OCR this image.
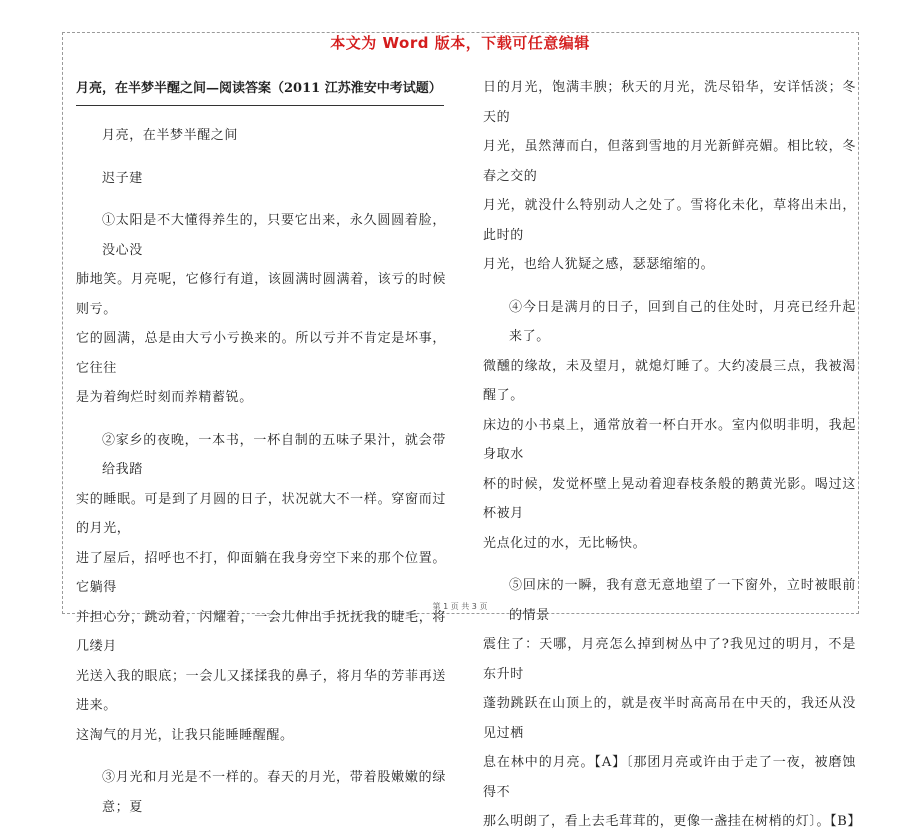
本文为 Word 版本，下载可任意编辑

月亮，在半梦半醒之间—阅读答案（2011 江苏淮安中考试题）

月亮，在半梦半醒之间

迟子建

①太阳是不大懂得养生的，只要它出来，永久圆圆着脸，没心没

肺地笑。月亮呢，它修行有道，该圆满时圆满着，该亏的时候则亏。

它的圆满，总是由大亏小亏换来的。所以亏并不肯定是坏事，它往往

是为着绚烂时刻而养精蓄锐。

②家乡的夜晚，一本书，一杯自制的五味子果汁，就会带给我踏

实的睡眠。可是到了月圆的日子，状况就大不一样。穿窗而过的月光，

进了屋后，招呼也不打，仰面躺在我身旁空下来的那个位置。它躺得

并担心分，跳动着，闪耀着，一会儿伸出手抚抚我的睫毛，将几缕月

光送入我的眼底；一会儿又揉揉我的鼻子，将月华的芳菲再送进来。

这淘气的月光，让我只能睡睡醒醒。

③月光和月光是不一样的。春天的月光，带着股嫩嫩的绿意；夏

日的月光，饱满丰腴；秋天的月光，洗尽铅华，安详恬淡；冬天的

月光，虽然薄而白，但落到雪地的月光新鲜亮媚。相比较，冬春之交的

月光，就没什么特别动人之处了。雪将化未化，草将出未出，此时的

月光，也给人犹疑之感，瑟瑟缩缩的。

④今日是满月的日子，回到自己的住处时，月亮已经升起来了。

微醺的缘故，未及望月，就熄灯睡了。大约凌晨三点，我被渴醒了。

床边的小书桌上，通常放着一杯白开水。室内似明非明，我起身取水

杯的时候，发觉杯壁上晃动着迎春枝条般的鹅黄光影。喝过这杯被月

光点化过的水，无比畅快。

⑤回床的一瞬，我有意无意地望了一下窗外，立时被眼前的情景

震住了：天哪，月亮怎么掉到树丛中了?我见过的明月，不是东升时

蓬勃跳跃在山顶上的，就是夜半时高高吊在中天的，我还从没见过栖

息在林中的月亮。【A】〔那团月亮或许由于走了一夜，被磨蚀得不

那么明朗了，看上去毛茸茸的，更像一盏挂在树梢的灯〕。【B】

第 1 页 共 3 页
